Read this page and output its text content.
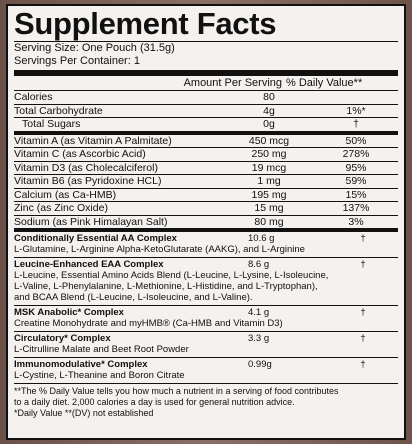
Supplement Facts
Serving Size: One Pouch (31.5g)
Servings Per Container: 1
Amount Per Serving % Daily Value**
Calories	80
Total Carbohydrate	4g	1%*
Total Sugars	0g	†
Vitamin A (as Vitamin A Palmitate)	450 mcg	50%
Vitamin C (as Ascorbic Acid)	250 mg	278%
Vitamin D3 (as Cholecalciferol)	19 mcg	95%
Vitamin B6 (as Pyridoxine HCL)	1 mg	59%
Calcium (as Ca-HMB)	195 mg	15%
Zinc (as Zinc Oxide)	15 mg	137%
Sodium (as Pink Himalayan Salt)	80 mg	3%
Conditionally Essential AA Complex	10.6 g	†
L-Glutamine, L-Arginine Alpha-KetoGlutarate (AAKG), and L-Arginine
Leucine-Enhanced EAA Complex	8.6 g	†
L-Leucine, Essential Amino Acids Blend (L-Leucine, L-Lysine, L-Isoleucine,
L-Valine, L-Phenylalanine, L-Methionine, L-Histidine, and L-Tryptophan),
and BCAA Blend (L-Leucine, L-Isoleucine, and L-Valine).
MSK Anabolic* Complex	4.1 g	†
Creatine Monohydrate and myHMB® (Ca-HMB and Vitamin D3)
Circulatory* Complex	3.3 g	†
L-Citrulline Malate and Beet Root Powder
Immunomodulative* Complex	0.99g	†
L-Cystine, L-Theanine and Boron Citrate
**The % Daily Value tells you how much a nutrient in a serving of food contributes
to a daily diet. 2,000 calories a day is used for general nutrition advice.
*Daily Value **(DV) not established
